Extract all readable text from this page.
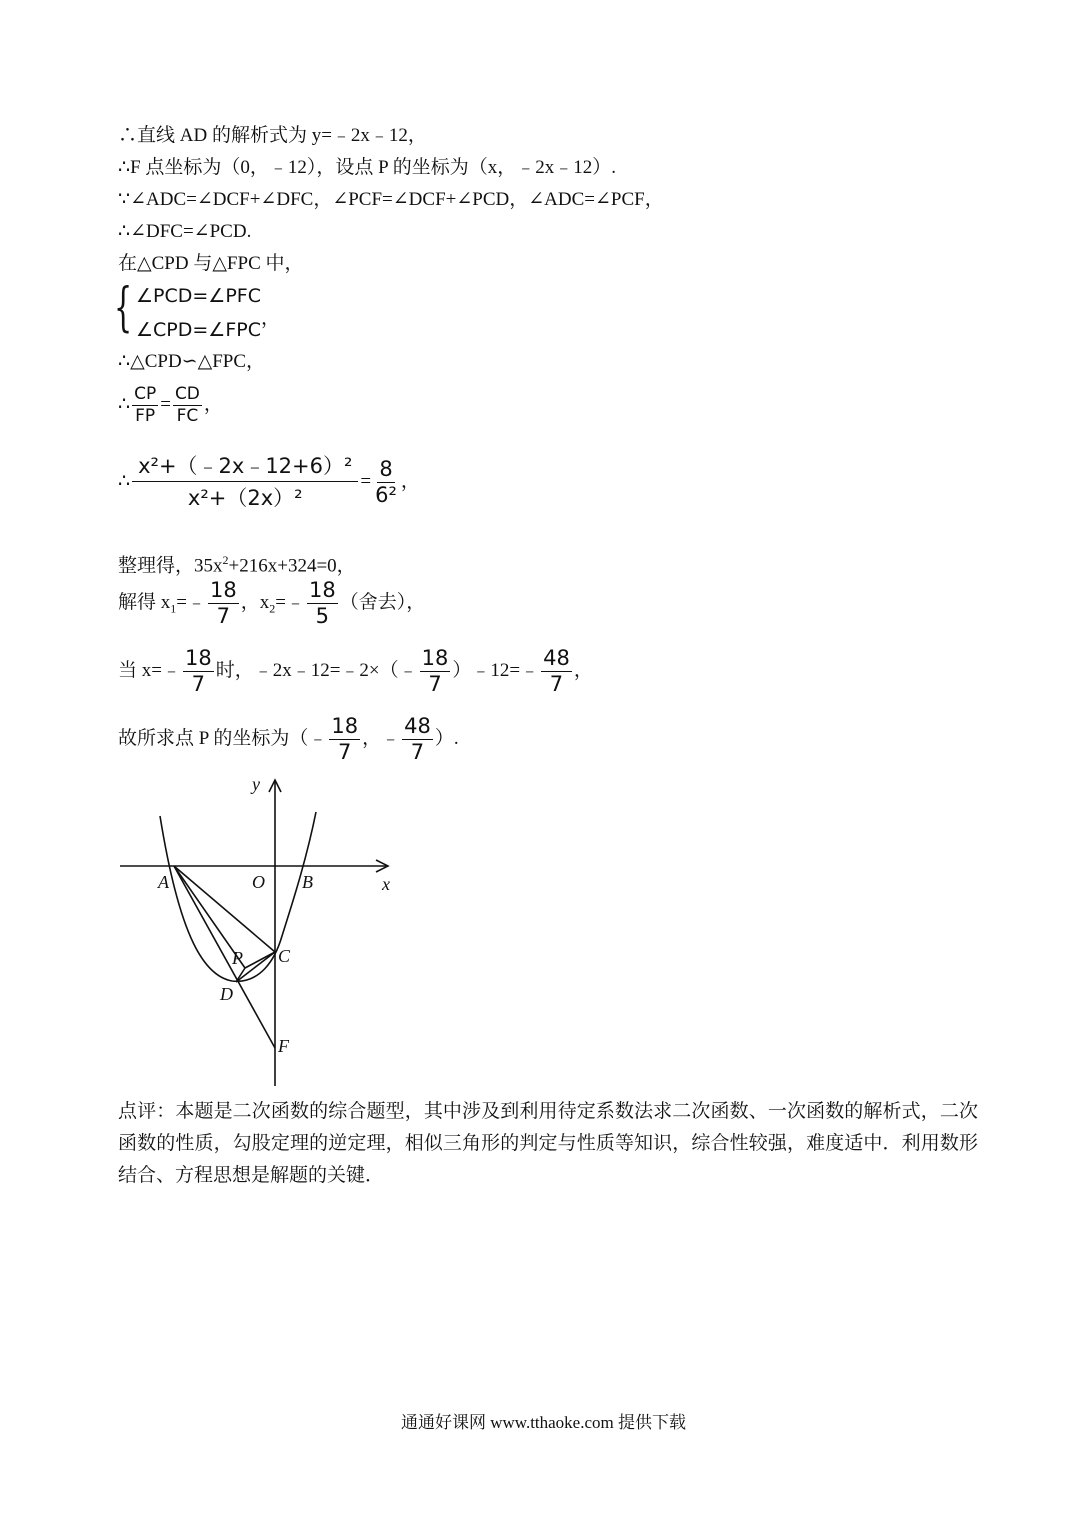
∴直线 AD 的解析式为 y=﹣2x﹣12，
∴F 点坐标为（0，﹣12），设点 P 的坐标为（x，﹣2x﹣12）.
∵∠ADC=∠DCF+∠DFC，∠PCF=∠DCF+∠PCD，∠ADC=∠PCF，
∴∠DFC=∠PCD.
在△CPD 与△FPC 中，
{ ∠PCD=∠PFC
∠CPD=∠FPC，
∴△CPD∽△FPC，
∴ $\frac{CP}{FP} = \frac{CD}{FC}$ ，
∴ $\frac{\text{x²+（﹣2x﹣12+6）²}}{\text{x²+（2x）²}} = \frac{8}{\text{6²}}$ ，
整理得，$35x^2+216x+324=0$，
解得 $x_1=﹣ \frac{18}{7}$ ，$x_2=﹣ \frac{18}{5}$ （舍去），
当 x=﹣ $\frac{18}{7}$ 时，﹣2x﹣12=﹣2×（﹣ $\frac{18}{7}$ ）﹣12=﹣ $\frac{48}{7}$ ，
故所求点 P 的坐标为（﹣ $\frac{18}{7}$ ，﹣ $\frac{48}{7}$ ）.
y
x
A	O B
C
P
D
F
点评：本题是二次函数的综合题型，其中涉及到利用待定系数法求二次函数、一次函数的解析式，二次函数的性质，勾股定理的逆定理，相似三角形的判定与性质等知识，综合性较强，难度适中．利用数形结合、方程思想是解题的关键．
通通好课网 www.tthaoke.com 提供下载
